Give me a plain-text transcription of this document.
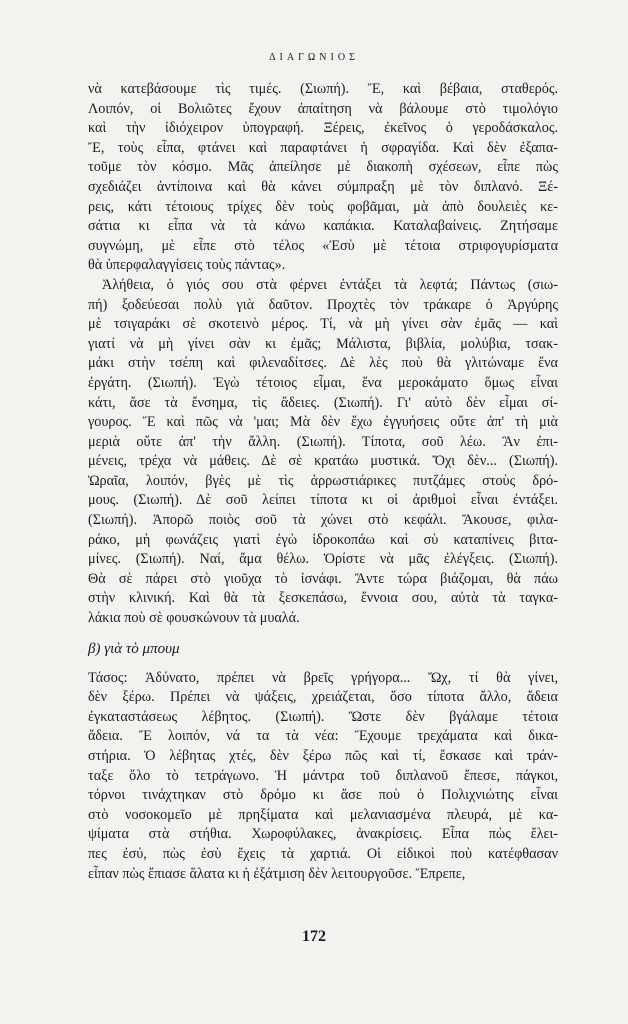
ΔΙΑΓΩΝΙΟΣ
νὰ κατεβάσουμε τὶς τιμές. (Σιωπή). Ἔ, καὶ βέβαια, σταθερός.
Λοιπόν, οἱ Βολιῶτες ἔχουν ἀπαίτηση νὰ βάλουμε στὸ τιμολόγιο
καὶ τὴν ἰδιόχειρον ὑπογραφή. Ξέρεις, ἐκεῖνος ὁ γεροδάσκαλος.
Ἔ, τοὺς εἶπα, φτάνει καὶ παραφτάνει ἡ σφραγίδα. Καὶ δὲν ἐξαπα-
τοῦμε τὸν κόσμο. Μᾶς ἀπείλησε μὲ διακοπὴ σχέσεων, εἶπε πὼς
σχεδιάζει ἀντίποινα καὶ θὰ κάνει σύμπραξη μὲ τὸν διπλανό. Ξέ-
ρεις, κάτι τέτοιους τρίχες δὲν τοὺς φοβᾶμαι, μὰ ἀπὸ δουλειὲς κε-
σάτια κι εἶπα νὰ τὰ κάνω καπάκια. Καταλαβαίνεις. Ζητήσαμε
συγνώμη, μὲ εἶπε στὸ τέλος «Ἐσὺ μὲ τέτοια στριφογυρίσματα
θὰ ὑπερφαλαγγίσεις τοὺς πάντας».
Ἀλήθεια, ὁ γιός σου στὰ φέρνει ἐντάξει τὰ λεφτά; Πάντως (σιω-
πή) ξοδεύεσαι πολὺ γιὰ δαῦτον. Προχτὲς τὸν τράκαρε ὁ Ἀργύρης
μὲ τσιγαράκι σὲ σκοτεινὸ μέρος. Τί, νὰ μὴ γίνει σὰν ἐμᾶς — καὶ
γιατί νὰ μὴ γίνει σὰν κι ἐμᾶς; Μάλιστα, βιβλία, μολύβια, τσακ-
μάκι στὴν τσέπη καὶ φιλεναδίτσες. Δὲ λὲς ποὺ θὰ γλιτώναμε ἕνα
ἐργάτη. (Σιωπή). Ἐγὼ τέτοιος εἶμαι, ἕνα μεροκάματο ὅμως εἶναι
κάτι, ἄσε τὰ ἔνσημα, τὶς ἄδειες. (Σιωπή). Γι' αὐτὸ δὲν εἶμαι σί-
γουρος. Ἔ καὶ πῶς νὰ 'μαι; Μὰ δὲν ἔχω ἐγγυήσεις οὔτε ἀπ' τὴ μιὰ
μεριὰ οὔτε ἀπ' τὴν ἄλλη. (Σιωπή). Τίποτα, σοῦ λέω. Ἂν ἐπι-
μένεις, τρέχα νὰ μάθεις. Δὲ σὲ κρατάω μυστικά. Ὄχι δὲν... (Σιωπή).
Ὡραῖα, λοιπόν, βγὲς μὲ τὶς ἀρρωστιάρικες πυτζάμες στοὺς δρό-
μους. (Σιωπή). Δὲ σοῦ λείπει τίποτα κι οἱ ἀριθμοὶ εἶναι ἐντάξει.
(Σιωπή). Ἀπορῶ ποιὸς σοῦ τὰ χώνει στὸ κεφάλι. Ἄκουσε, φιλα-
ράκο, μὴ φωνάζεις γιατὶ ἐγὼ ἱδροκοπάω καὶ σὺ καταπίνεις βιτα-
μίνες. (Σιωπή). Ναί, ἅμα θέλω. Ὁρίστε νὰ μᾶς ἐλέγξεις. (Σιωπή).
Θὰ σὲ πάρει στὸ γιοῦχα τὸ ἰσνάφι. Ἄντε τώρα βιάζομαι, θὰ πάω
στὴν κλινική. Καὶ θὰ τὰ ξεσκεπάσω, ἔννοια σου, αὐτὰ τὰ ταγκα-
λάκια ποὺ σὲ φουσκώνουν τὰ μυαλά.
β) γιὰ τὸ μπουμ
Τάσος: Ἀδύνατο, πρέπει νὰ βρεῖς γρήγορα... Ὤχ, τί θὰ γίνει,
δὲν ξέρω. Πρέπει νὰ ψάξεις, χρειάζεται, ὅσο τίποτα ἄλλο, ἄδεια
ἐγκαταστάσεως λέβητος. (Σιωπή). Ὥστε δὲν βγάλαμε τέτοια
ἄδεια. Ἔ λοιπόν, νά τα τὰ νέα: Ἔχουμε τρεχάματα καὶ δικα-
στήρια. Ὁ λέβητας χτές, δὲν ξέρω πῶς καὶ τί, ἔσκασε καὶ τράν-
ταξε ὅλο τὸ τετράγωνο. Ἡ μάντρα τοῦ διπλανοῦ ἔπεσε, πάγκοι,
τόρνοι τινάχτηκαν στὸ δρόμο κι ἄσε ποὺ ὁ Πολιχνιώτης εἶναι
στὸ νοσοκομεῖο μὲ πρηξίματα καὶ μελανιασμένα πλευρά, μὲ κα-
ψίματα στὰ στήθια. Χωροφύλακες, ἀνακρίσεις. Εἶπα πὼς ἔλει-
πες ἐσύ, πὼς ἐσὺ ἔχεις τὰ χαρτιά. Οἱ εἰδικοὶ ποὺ κατέφθασαν
εἶπαν πὼς ἔπιασε ἅλατα κι ἡ ἐξάτμιση δὲν λειτουργοῦσε. Ἔπρεπε,
172
